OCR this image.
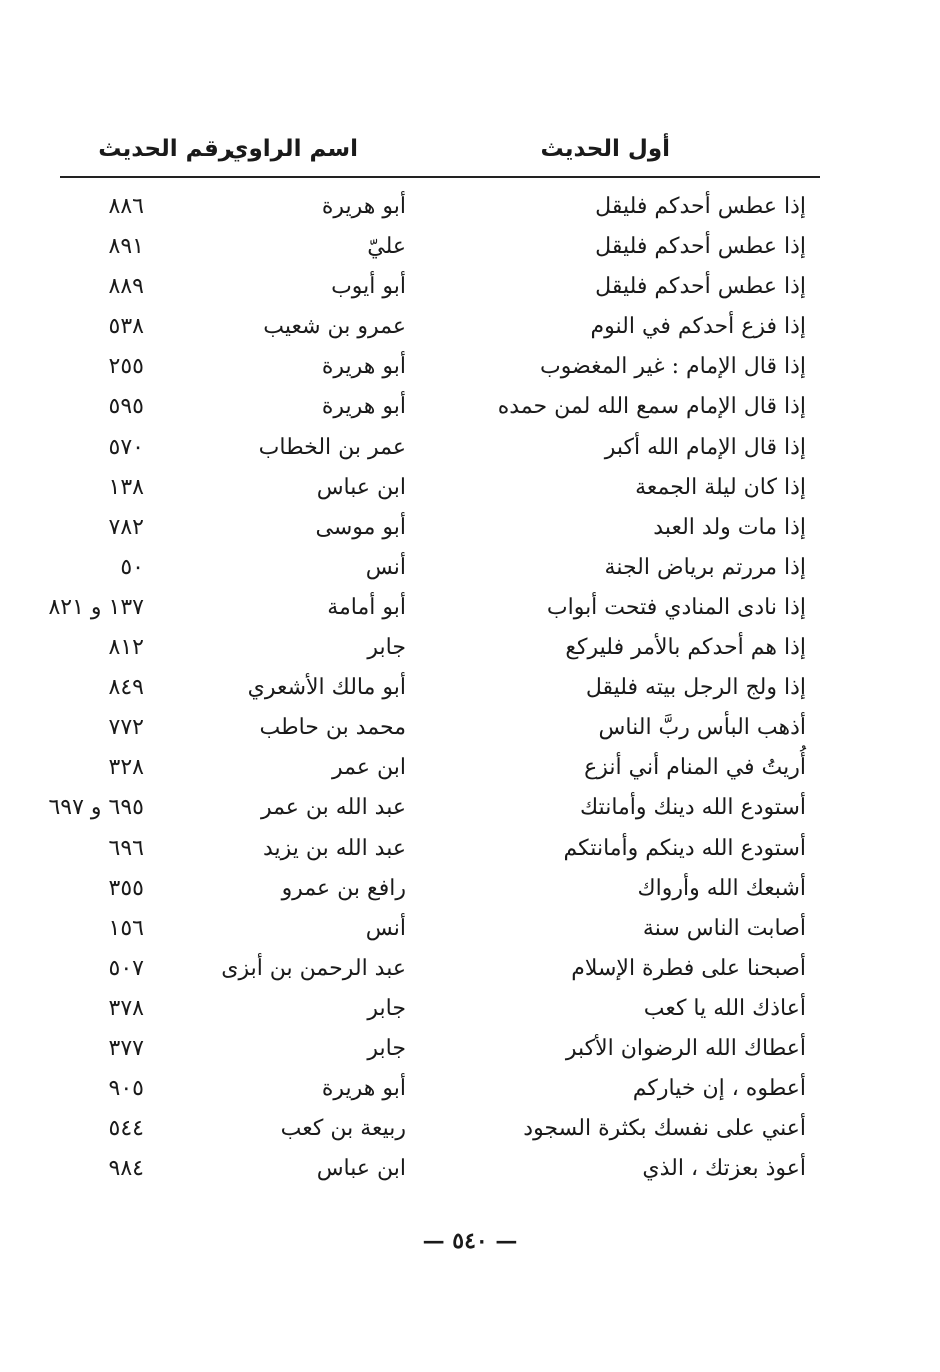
أول الحديث
اسم الراوي
رقم الحديث
إذا عطس أحدكم فليقل
أبو هريرة
٨٨٦
إذا عطس أحدكم فليقل
عليّ
٨٩١
إذا عطس أحدكم فليقل
أبو أيوب
٨٨٩
إذا فزع أحدكم في النوم
عمرو بن شعيب
٥٣٨
إذا قال الإمام : غير المغضوب
أبو هريرة
٢٥٥
إذا قال الإمام سمع الله لمن حمده
أبو هريرة
٥٩٥
إذا قال الإمام الله أكبر
عمر بن الخطاب
٥٧٠
إذا كان ليلة الجمعة
ابن عباس
١٣٨
إذا مات ولد العبد
أبو موسى
٧٨٢
إذا مررتم برياض الجنة
أنس
٥٠
إذا نادى المنادي فتحت أبواب
أبو أمامة
١٣٧ و ٨٢١
إذا هم أحدكم بالأمر فليركع
جابر
٨١٢
إذا ولج الرجل بيته فليقل
أبو مالك الأشعري
٨٤٩
أذهب البأس ربَّ الناس
محمد بن حاطب
٧٧٢
أُريتُ في المنام أني أنزع
ابن عمر
٣٢٨
أستودع الله دينك وأمانتك
عبد الله بن عمر
٦٩٥ و ٦٩٧
أستودع الله دينكم وأمانتكم
عبد الله بن يزيد
٦٩٦
أشبعك الله وأرواك
رافع بن عمرو
٣٥٥
أصابت الناس سنة
أنس
١٥٦
أصبحنا على فطرة الإسلام
عبد الرحمن بن أبزى
٥٠٧
أعاذك الله يا كعب
جابر
٣٧٨
أعطاك الله الرضوان الأكبر
جابر
٣٧٧
أعطوه ، إن خياركم
أبو هريرة
٩٠٥
أعني على نفسك بكثرة السجود
ربيعة بن كعب
٥٤٤
أعوذ بعزتك ، الذي
ابن عباس
٩٨٤
— ٥٤٠ —
